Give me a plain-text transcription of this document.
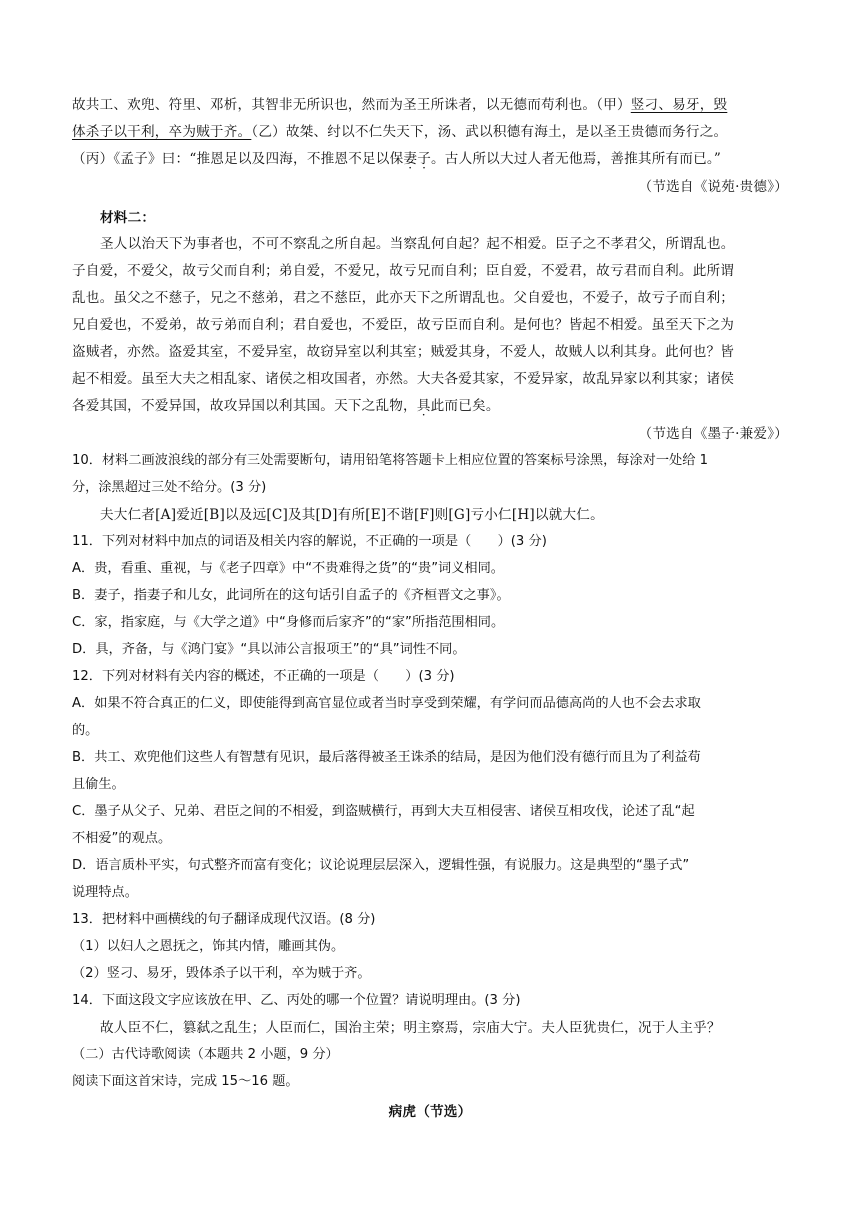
故共工、欢兜、符里、邓析，其智非无所识也，然而为圣王所诛者，以无德而苟利也。（甲）竖刁、易牙，毁
体杀子以干利，卒为贼于齐。（乙）故桀、纣以不仁失天下，汤、武以积德有海土，是以圣王贵德而务行之。
（丙）《孟子》曰：“推恩足以及四海，不推恩不足以保妻子。古人所以大过人者无他焉，善推其所有而已。”
（节选自《说苑·贵德》）
材料二：
圣人以治天下为事者也，不可不察乱之所自起。当察乱何自起？起不相爱。臣子之不孝君父，所谓乱也。
子自爱，不爱父，故亏父而自利；弟自爱，不爱兄，故亏兄而自利；臣自爱，不爱君，故亏君而自利。此所谓
乱也。虽父之不慈子，兄之不慈弟，君之不慈臣，此亦天下之所谓乱也。父自爱也，不爱子，故亏子而自利；
兄自爱也，不爱弟，故亏弟而自利；君自爱也，不爱臣，故亏臣而自利。是何也？皆起不相爱。虽至天下之为
盗贼者，亦然。盗爱其室，不爱异室，故窃异室以利其室；贼爱其身，不爱人，故贼人以利其身。此何也？皆
起不相爱。虽至大夫之相乱家、诸侯之相攻国者，亦然。大夫各爱其家，不爱异家，故乱异家以利其家；诸侯
各爱其国，不爱异国，故攻异国以利其国。天下之乱物，具此而已矣。
（节选自《墨子·兼爱》）
10．材料二画波浪线的部分有三处需要断句，请用铅笔将答题卡上相应位置的答案标号涂黑，每涂对一处给 1
分，涂黑超过三处不给分。(3 分)
夫大仁者[A]爱近[B]以及远[C]及其[D]有所[E]不谐[F]则[G]亏小仁[H]以就大仁。
11．下列对材料中加点的词语及相关内容的解说，不正确的一项是（　　）(3 分)
A．贵，看重、重视，与《老子四章》中“不贵难得之货”的“贵”词义相同。
B．妻子，指妻子和儿女，此词所在的这句话引自孟子的《齐桓晋文之事》。
C．家，指家庭，与《大学之道》中“身修而后家齐”的“家”所指范围相同。
D．具，齐备，与《鸿门宴》“具以沛公言报项王”的“具”词性不同。
12．下列对材料有关内容的概述，不正确的一项是（　　）(3 分)
A．如果不符合真正的仁义，即使能得到高官显位或者当时享受到荣耀，有学问而品德高尚的人也不会去求取
的。
B．共工、欢兜他们这些人有智慧有见识，最后落得被圣王诛杀的结局，是因为他们没有德行而且为了利益苟
且偷生。
C．墨子从父子、兄弟、君臣之间的不相爱，到盗贼横行，再到大夫互相侵害、诸侯互相攻伐，论述了乱“起
不相爱”的观点。
D．语言质朴平实，句式整齐而富有变化；议论说理层层深入，逻辑性强，有说服力。这是典型的“墨子式”
说理特点。
13．把材料中画横线的句子翻译成现代汉语。(8 分)
（1）以妇人之恩抚之，饰其内情，雕画其伪。
（2）竖刁、易牙，毁体杀子以干利，卒为贼于齐。
14．下面这段文字应该放在甲、乙、丙处的哪一个位置？请说明理由。(3 分)
故人臣不仁，篡弑之乱生；人臣而仁，国治主荣；明主察焉，宗庙大宁。夫人臣犹贵仁，况于人主乎？
（二）古代诗歌阅读（本题共 2 小题，9 分）
阅读下面这首宋诗，完成 15～16 题。
病虎（节选）
